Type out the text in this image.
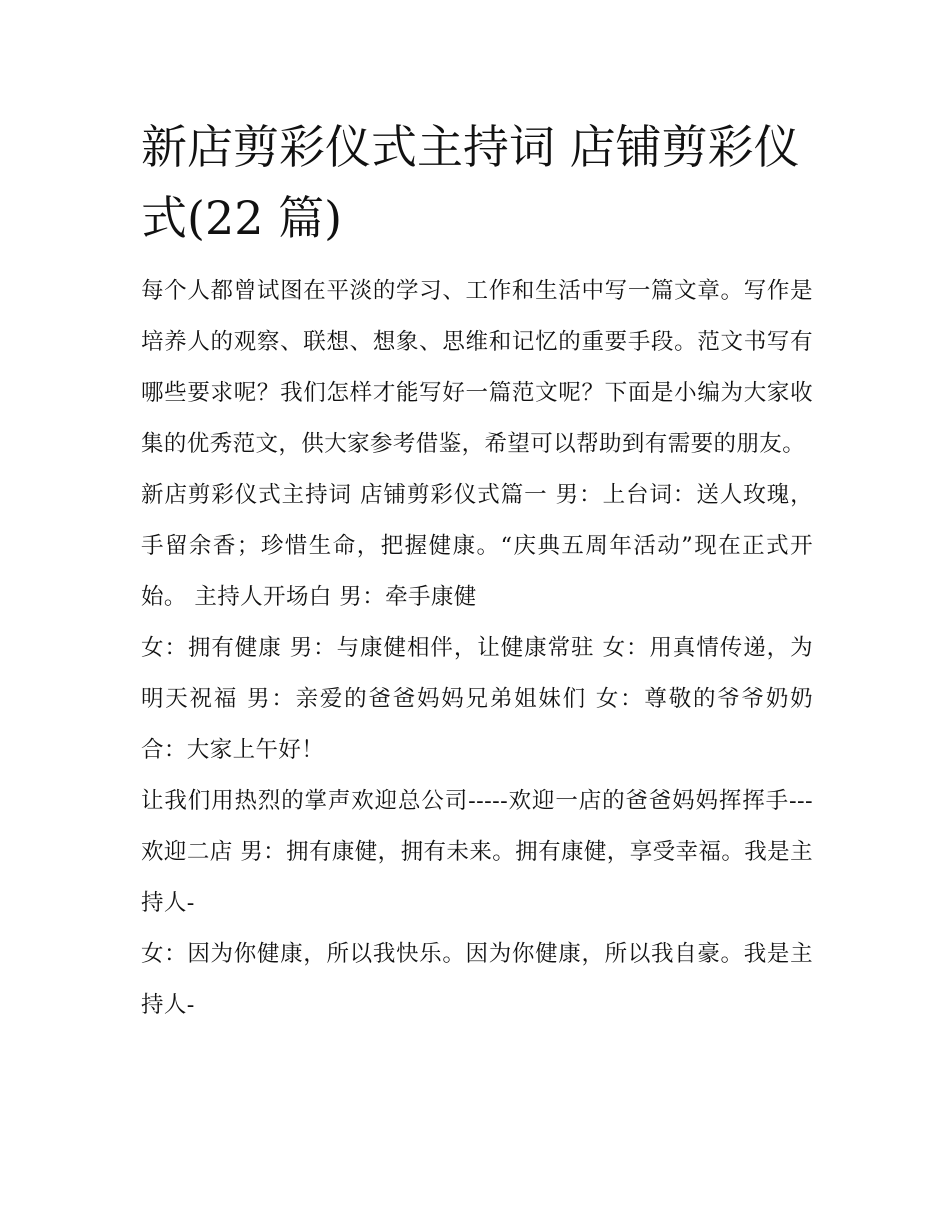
新店剪彩仪式主持词 店铺剪彩仪式(22 篇)

每个人都曾试图在平淡的学习、工作和生活中写一篇文章。写作是培养人的观察、联想、想象、思维和记忆的重要手段。范文书写有哪些要求呢？我们怎样才能写好一篇范文呢？下面是小编为大家收集的优秀范文，供大家参考借鉴，希望可以帮助到有需要的朋友。

新店剪彩仪式主持词 店铺剪彩仪式篇一 男：上台词：送人玫瑰，手留余香；珍惜生命，把握健康。“庆典五周年活动”现在正式开始。 主持人开场白 男：牵手康健

女：拥有健康 男：与康健相伴，让健康常驻 女：用真情传递，为明天祝福 男：亲爱的爸爸妈妈兄弟姐妹们 女：尊敬的爷爷奶奶 合：大家上午好！

让我们用热烈的掌声欢迎总公司-----欢迎一店的爸爸妈妈挥挥手---欢迎二店 男：拥有康健，拥有未来。拥有康健，享受幸福。我是主持人-

女：因为你健康，所以我快乐。因为你健康，所以我自豪。我是主持人-
